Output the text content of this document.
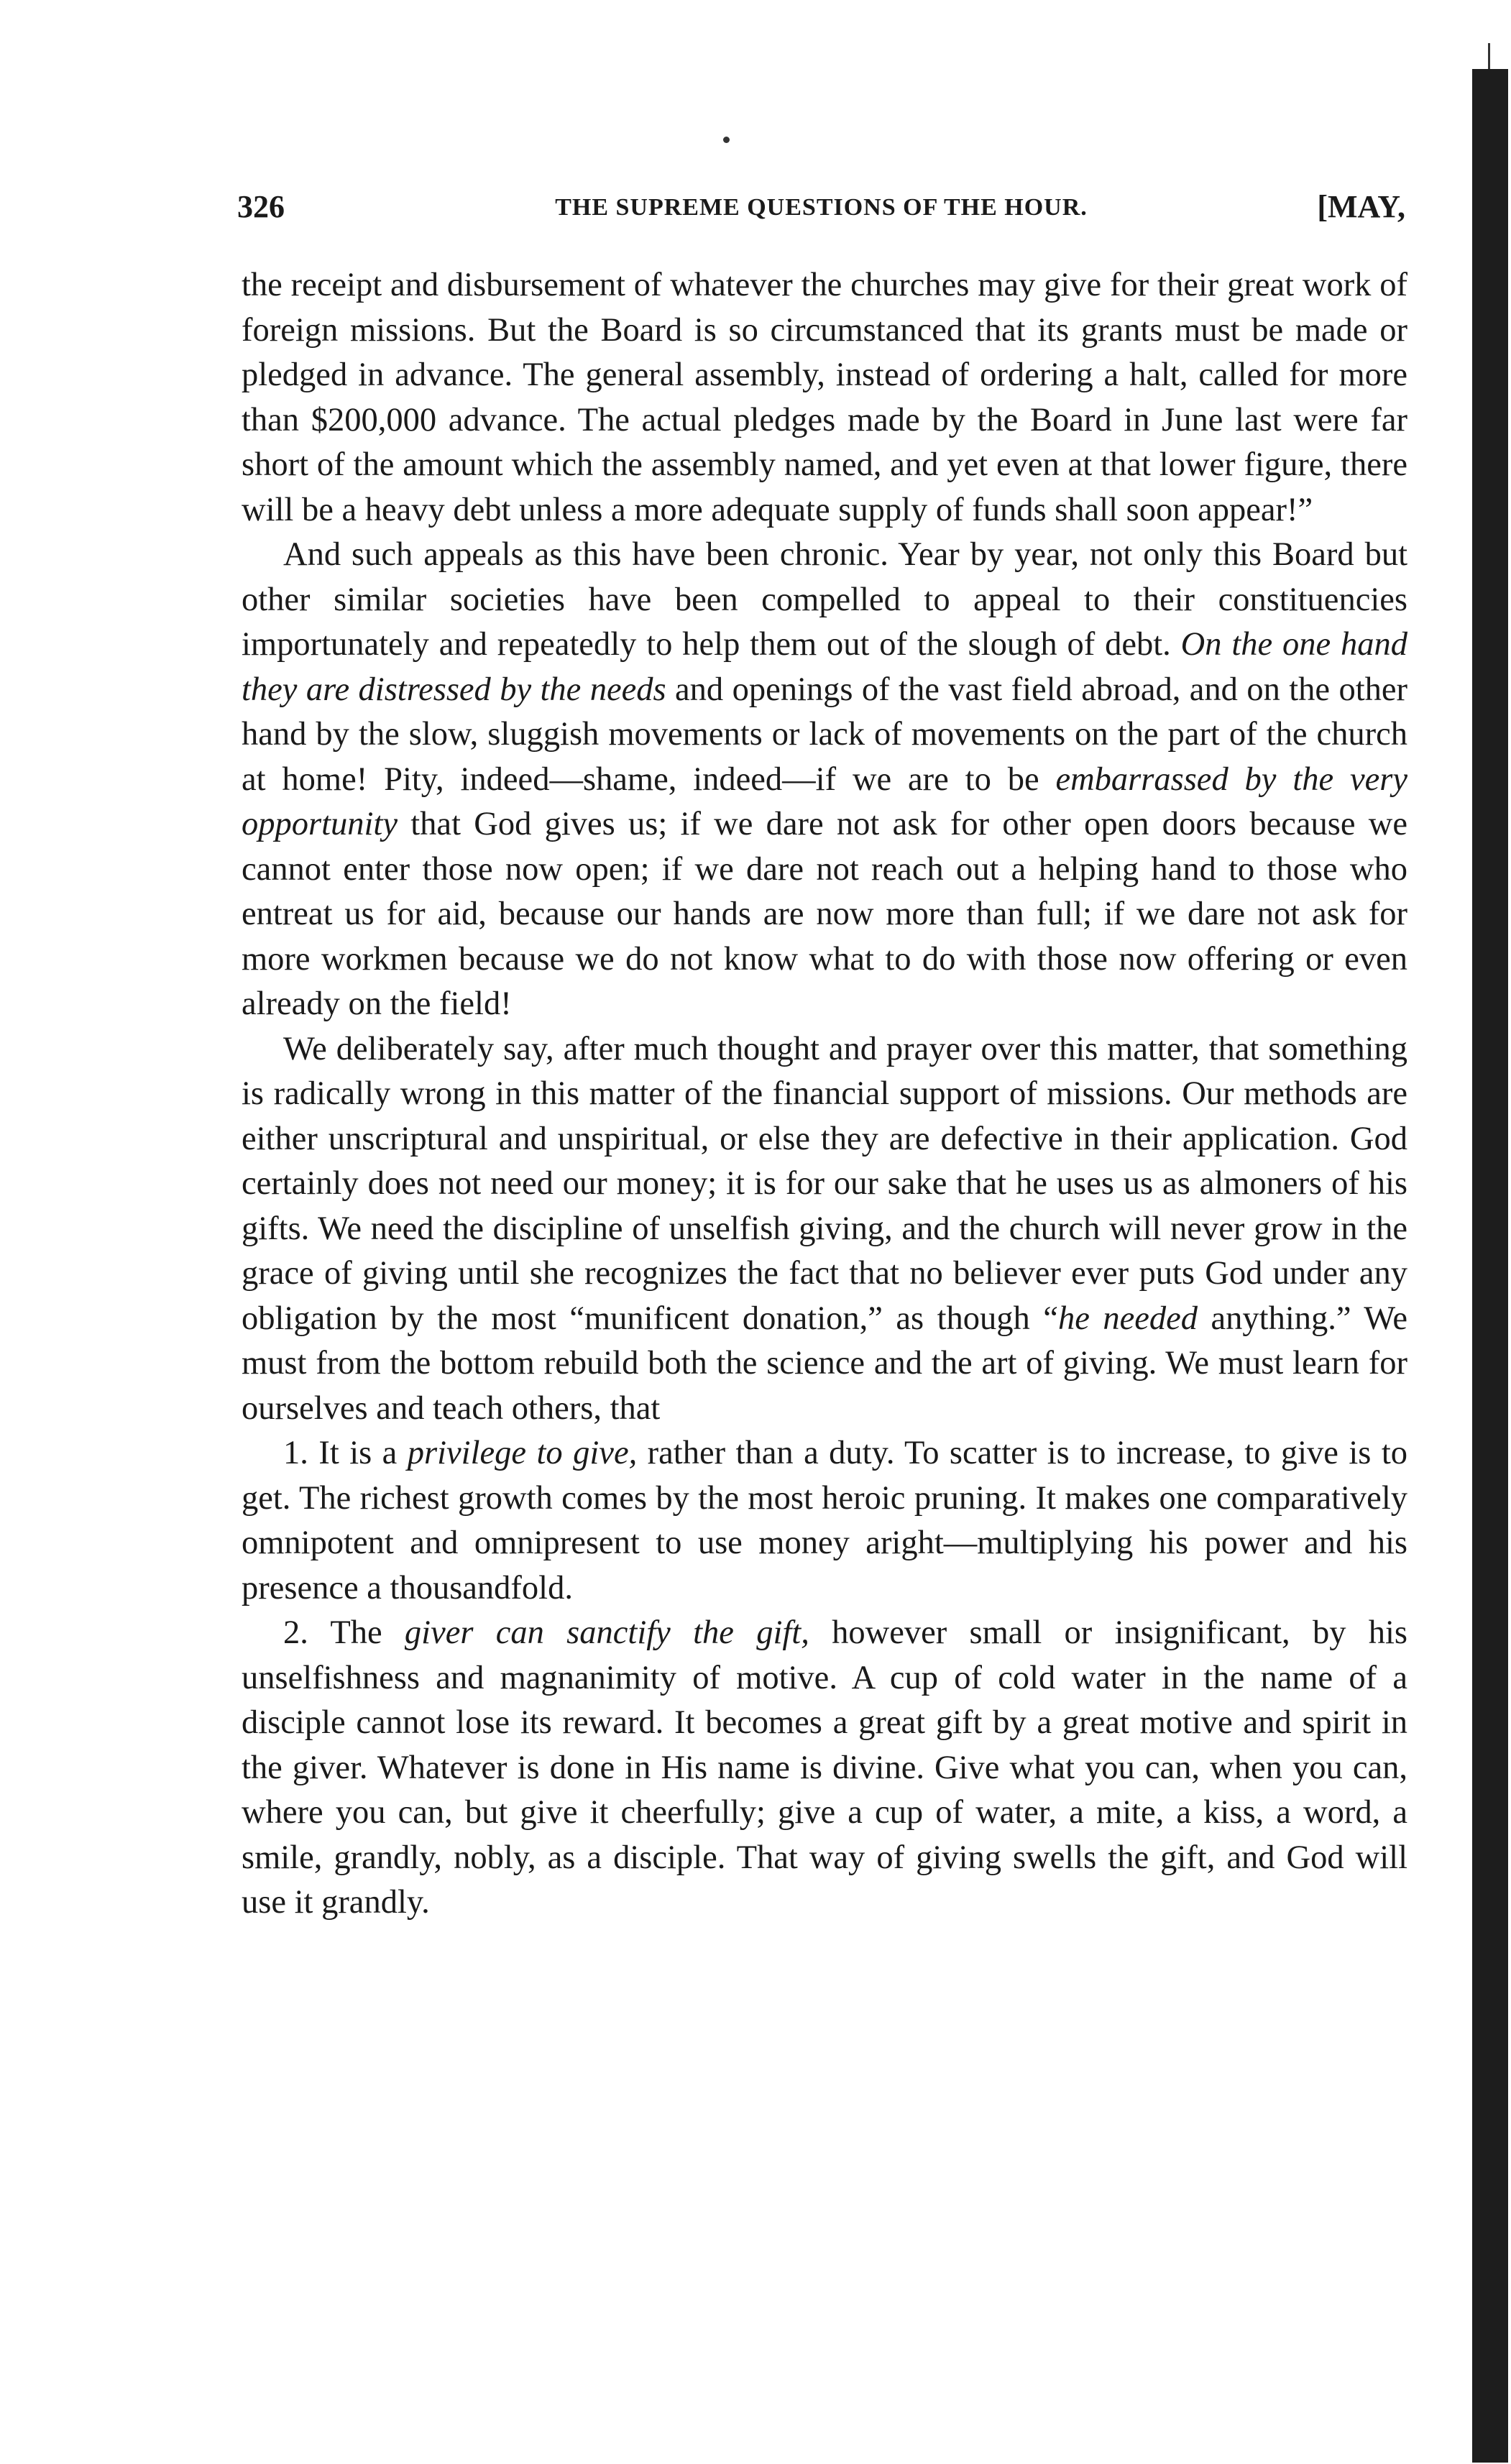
326	THE SUPREME QUESTIONS OF THE HOUR.	[MAY,

the receipt and disbursement of whatever the churches may give for their great work of foreign missions. But the Board is so circumstanced that its grants must be made or pledged in advance. The general assembly, instead of ordering a halt, called for more than $200,000 advance. The actual pledges made by the Board in June last were far short of the amount which the assembly named, and yet even at that lower figure, there will be a heavy debt unless a more adequate supply of funds shall soon appear!”

And such appeals as this have been chronic. Year by year, not only this Board but other similar societies have been compelled to appeal to their constituencies importunately and repeatedly to help them out of the slough of debt. On the one hand they are distressed by the needs and openings of the vast field abroad, and on the other hand by the slow, sluggish movements or lack of movements on the part of the church at home! Pity, indeed—shame, indeed—if we are to be embarrassed by the very opportunity that God gives us; if we dare not ask for other open doors because we cannot enter those now open; if we dare not reach out a helping hand to those who entreat us for aid, because our hands are now more than full; if we dare not ask for more workmen because we do not know what to do with those now offering or even already on the field!

We deliberately say, after much thought and prayer over this matter, that something is radically wrong in this matter of the financial support of missions. Our methods are either unscriptural and unspiritual, or else they are defective in their application. God certainly does not need our money; it is for our sake that he uses us as almoners of his gifts. We need the discipline of unselfish giving, and the church will never grow in the grace of giving until she recognizes the fact that no believer ever puts God under any obligation by the most “munificent donation,” as though “he needed anything.” We must from the bottom rebuild both the science and the art of giving. We must learn for ourselves and teach others, that

1. It is a privilege to give, rather than a duty. To scatter is to increase, to give is to get. The richest growth comes by the most heroic pruning. It makes one comparatively omnipotent and omnipresent to use money aright—multiplying his power and his presence a thousandfold.

2. The giver can sanctify the gift, however small or insignificant, by his unselfishness and magnanimity of motive. A cup of cold water in the name of a disciple cannot lose its reward. It becomes a great gift by a great motive and spirit in the giver. Whatever is done in His name is divine. Give what you can, when you can, where you can, but give it cheerfully; give a cup of water, a mite, a kiss, a word, a smile, grandly, nobly, as a disciple. That way of giving swells the gift, and God will use it grandly.
